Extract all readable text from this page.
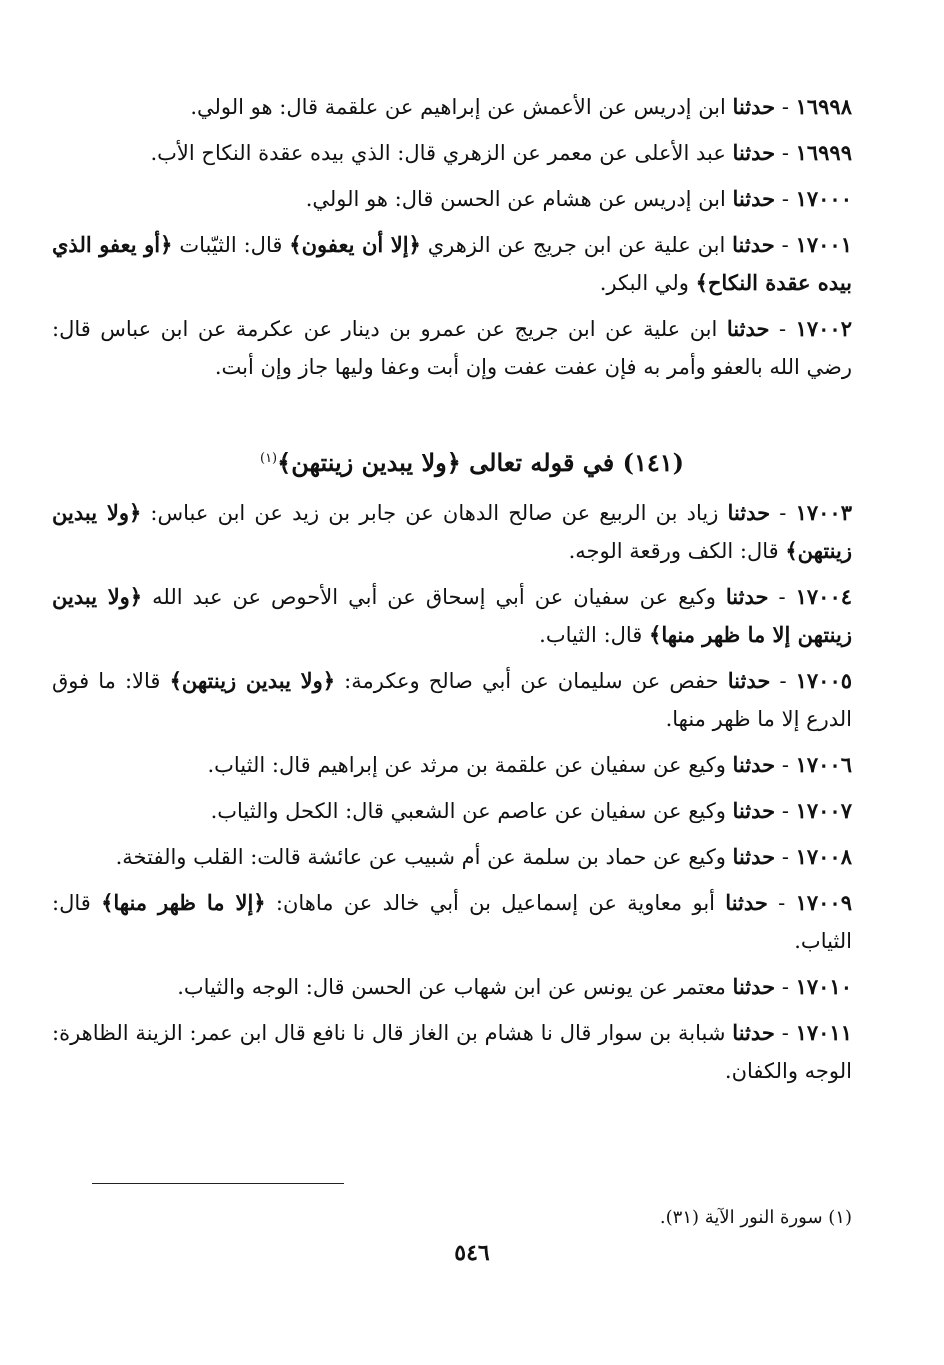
١٦٩٩٨ - حدثنا ابن إدريس عن الأعمش عن إبراهيم عن علقمة قال: هو الولي.

١٦٩٩٩ - حدثنا عبد الأعلى عن معمر عن الزهري قال: الذي بيده عقدة النكاح الأب.

١٧٠٠٠ - حدثنا ابن إدريس عن هشام عن الحسن قال: هو الولي.

١٧٠٠١ - حدثنا ابن علية عن ابن جريج عن الزهري ﴿إلا أن يعفون﴾ قال: الثيّبات ﴿أو يعفو الذي بيده عقدة النكاح﴾ ولي البكر.

١٧٠٠٢ - حدثنا ابن علية عن ابن جريج عن عمرو بن دينار عن عكرمة عن ابن عباس قال: رضي الله بالعفو وأمر به فإن عفت عفت وإن أبت وعفا وليها جاز وإن أبت.

(١٤١) في قوله تعالى ﴿ولا يبدين زينتهن﴾$^{(١)}$

١٧٠٠٣ - حدثنا زياد بن الربيع عن صالح الدهان عن جابر بن زيد عن ابن عباس: ﴿ولا يبدين زينتهن﴾ قال: الكف ورقعة الوجه.

١٧٠٠٤ - حدثنا وكيع عن سفيان عن أبي إسحاق عن أبي الأحوص عن عبد الله ﴿ولا يبدين زينتهن إلا ما ظهر منها﴾ قال: الثياب.

١٧٠٠٥ - حدثنا حفص عن سليمان عن أبي صالح وعكرمة: ﴿ولا يبدين زينتهن﴾ قالا: ما فوق الدرع إلا ما ظهر منها.

١٧٠٠٦ - حدثنا وكيع عن سفيان عن علقمة بن مرثد عن إبراهيم قال: الثياب.

١٧٠٠٧ - حدثنا وكيع عن سفيان عن عاصم عن الشعبي قال: الكحل والثياب.

١٧٠٠٨ - حدثنا وكيع عن حماد بن سلمة عن أم شبيب عن عائشة قالت: القلب والفتخة.

١٧٠٠٩ - حدثنا أبو معاوية عن إسماعيل بن أبي خالد عن ماهان: ﴿إلا ما ظهر منها﴾ قال: الثياب.

١٧٠١٠ - حدثنا معتمر عن يونس عن ابن شهاب عن الحسن قال: الوجه والثياب.

١٧٠١١ - حدثنا شبابة بن سوار قال نا هشام بن الغاز قال نا نافع قال ابن عمر: الزينة الظاهرة: الوجه والكفان.

(١) سورة النور الآية (٣١).
٥٤٦
